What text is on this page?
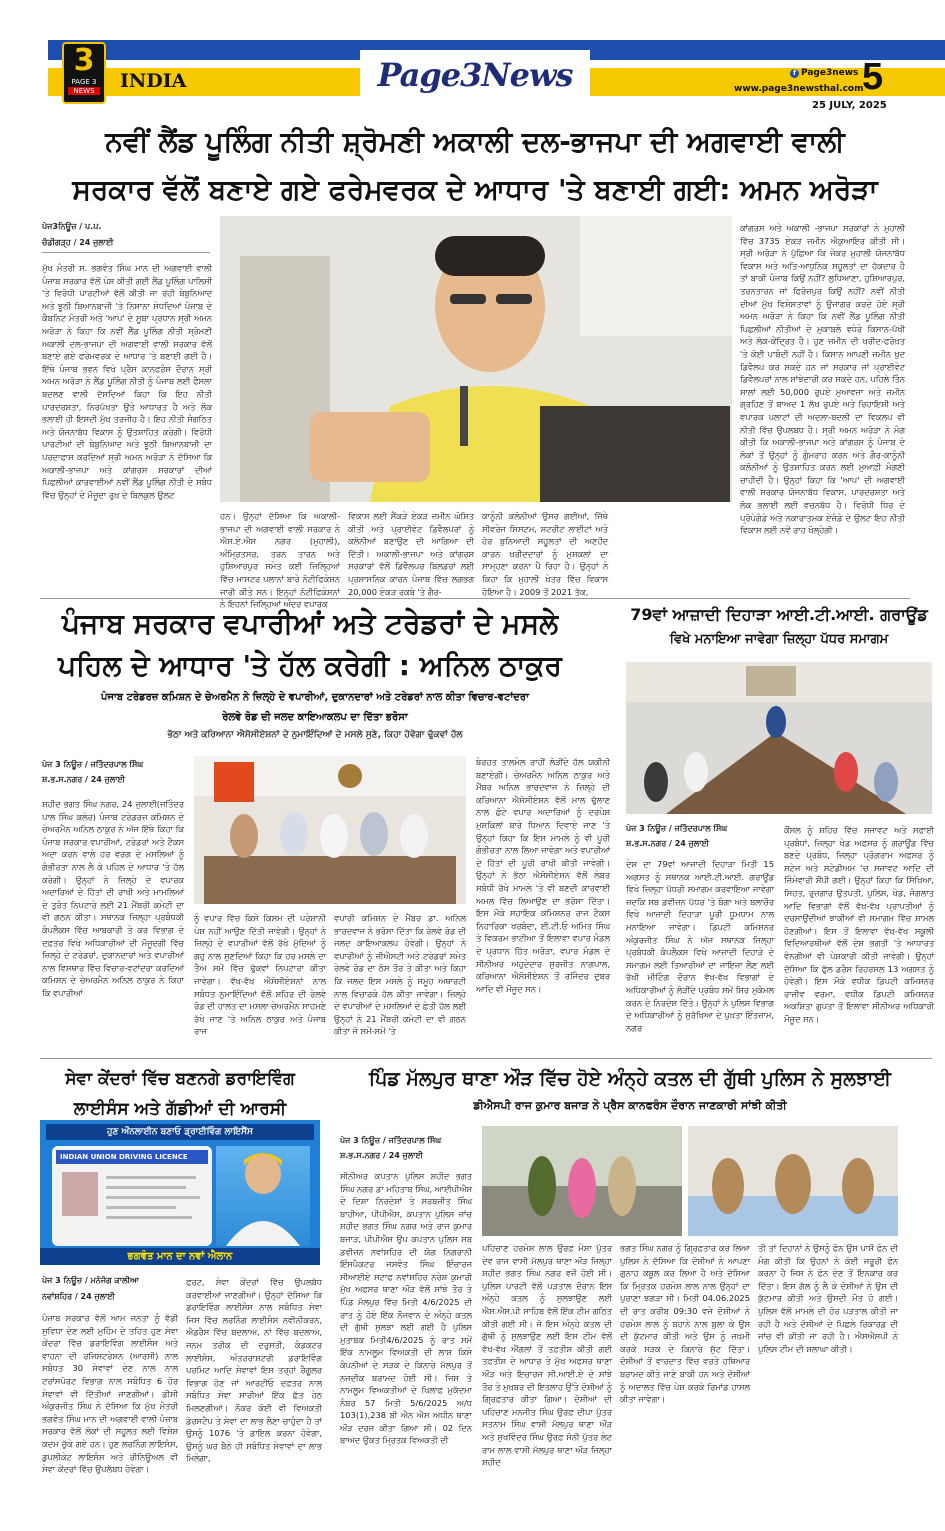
3
PAGE 3
NEWS INDIA	Page3News	f Page3news
www.page3newsthal.com
5
25 JULY, 2025
ਨਵੀਂ ਲੈਂਡ ਪੂਲਿੰਗ ਨੀਤੀ ਸ਼੍ਰੋਮਣੀ ਅਕਾਲੀ ਦਲ-ਭਾਜਪਾ ਦੀ ਅਗਵਾਈ ਵਾਲੀ
ਸਰਕਾਰ ਵੱਲੋਂ ਬਣਾਏ ਗਏ ਫਰੇਮਵਰਕ ਦੇ ਆਧਾਰ 'ਤੇ ਬਣਾਈ ਗਈ: ਅਮਨ ਅਰੋੜਾ
ਪੇਜ3ਨਿਊਜ਼ / ਪ.ਪ.
ਚੰਡੀਗੜ੍ਹ / 24 ਜੁਲਾਈ
ਮੁੱਖ ਮੰਤਰੀ ਸ. ਭਗਵੰਤ ਸਿੰਘ ਮਾਨ ਦੀ ਅਗਵਾਈ ਵਾਲੀ ਪੰਜਾਬ ਸਰਕਾਰ ਵੱਲੋਂ ਪੇਸ਼ ਕੀਤੀ ਗਈ ਲੈਂਡ ਪੂਲਿੰਗ ਪਾਲਿਸੀ 'ਤੇ ਵਿਰੋਧੀ ਪਾਰਟੀਆਂ ਵੱਲੋਂ ਕੀਤੀ ਜਾ ਰਹੀ ਬੇਬੁਨਿਆਦ ਅਤੇ ਝੂਠੀ ਬਿਆਨਬਾਜ਼ੀ 'ਤੇ ਨਿਸ਼ਾਨਾ ਸੇਧਦਿਆਂ ਪੰਜਾਬ ਦੇ ਕੈਬਨਿਟ ਮੰਤਰੀ ਅਤੇ 'ਆਪ' ਦੇ ਸੂਬਾ ਪ੍ਰਧਾਨ ਸ੍ਰੀ ਅਮਨ ਅਰੋੜਾ ਨੇ ਕਿਹਾ ਕਿ ਨਵੀਂ ਲੈਂਡ ਪੂਲਿੰਗ ਨੀਤੀ ਸ਼੍ਰੋਮਣੀ ਅਕਾਲੀ ਦਲ-ਭਾਜਪਾ ਦੀ ਅਗਵਾਈ ਵਾਲੀ ਸਰਕਾਰ ਵੱਲੋਂ ਬਣਾਏ ਗਏ ਫਰੇਮਵਰਕ ਦੇ ਆਧਾਰ 'ਤੇ ਬਣਾਈ ਗਈ ਹੈ। ਇੱਥੇ ਪੰਜਾਬ ਭਵਨ ਵਿਖੇ ਪ੍ਰੈਸ ਕਾਨਫਰੰਸ ਦੌਰਾਨ ਸ੍ਰੀ ਅਮਨ ਅਰੋੜਾ ਨੇ ਲੈਂਡ ਪੂਲਿੰਗ ਨੀਤੀ ਨੂੰ ਪੰਜਾਬ ਲਈ ਫੈਸਲਾ ਬਦਲਣ ਵਾਲੀ ਦੱਸਦਿਆਂ ਕਿਹਾ ਕਿ ਇਹ ਨੀਤੀ ਪਾਰਦਰਸ਼ਤਾ, ਨਿਰਪੱਖਤਾ ਉਤੇ ਆਧਾਰਤ ਹੈ ਅਤੇ ਲੋਕ ਭਲਾਈ ਹੀ ਇਸਦੀ ਮੁੱਖ ਤਰਜੀਹ ਹੈ। ਇਹ ਨੀਤੀ ਸੰਗਠਿਤ ਅਤੇ ਯੋਜਨਾਬੱਧ ਵਿਕਾਸ ਨੂੰ ਉਤਸ਼ਾਹਿਤ ਕਰੇਗੀ। ਵਿਰੋਧੀ ਪਾਰਟੀਆਂ ਦੀ ਬੇਬੁਨਿਆਦ ਅਤੇ ਝੂਠੀ ਬਿਆਨਬਾਜ਼ੀ ਦਾ ਪਰਦਾਫਾਸ਼ ਕਰਦਿਆਂ ਸ੍ਰੀ ਅਮਨ ਅਰੋੜਾ ਨੇ ਦੱਸਿਆ ਕਿ ਅਕਾਲੀ-ਭਾਜਪਾ ਅਤੇ ਕਾਂਗਰਸ ਸਰਕਾਰਾਂ ਦੀਆਂ ਪਿਛਲੀਆਂ ਕਾਰਵਾਈਆਂ ਨਵੀਂ ਲੈਂਡ ਪੂਲਿੰਗ ਨੀਤੀ ਦੇ ਸਬੰਧ ਵਿੱਚ ਉਨ੍ਹਾਂ ਦੇ ਮੌਜੂਦਾ ਰੁਖ਼ ਦੇ ਬਿਲਕੁਲ ਉਲਟ
ਹਨ। ਉਨ੍ਹਾਂ ਦੱਸਿਆ ਕਿ ਅਕਾਲੀ-ਭਾਜਪਾ ਦੀ ਅਗਵਾਈ ਵਾਲੀ ਸਰਕਾਰ ਨੇ ਐਸ.ਏ.ਐਸ ਨਗਰ (ਮੁਹਾਲੀ), ਅੰਮ੍ਰਿਤਸਰ, ਤਰਨ ਤਾਰਨ ਅਤੇ ਹੁਸ਼ਿਆਰਪੁਰ ਸਮੇਤ ਕਈ ਜ਼ਿਲ੍ਹਿਆਂ ਵਿੱਚ ਮਾਸਟਰ ਪਲਾਨਾਂ ਬਾਰੇ ਨੋਟੀਫਿਕੇਸ਼ਨ ਜਾਰੀ ਕੀਤੇ ਸਨ। ਇਨ੍ਹਾਂ ਨੋਟੀਫਿਕੇਸ਼ਨਾਂ ਨੇ ਇਹਨਾਂ ਜ਼ਿਲ੍ਹਿਆਂ ਅੰਦਰ ਵਪਾਰਕ
ਵਿਕਾਸ ਲਈ ਸੈਂਕੜੇ ਏਕੜ ਜ਼ਮੀਨ ਘੋਸ਼ਿਤ ਕੀਤੀ ਅਤੇ ਪ੍ਰਾਈਵੇਟ ਡਿਵੈਲਪਰਾਂ ਨੂੰ ਕਲੋਨੀਆਂ ਬਣਾਉਣ ਦੀ ਆਗਿਆ ਦੀ ਦਿੱਤੀ। ਅਕਾਲੀ-ਭਾਜਪਾ ਅਤੇ ਕਾਂਗਰਸ ਸਰਕਾਰਾਂ ਵੱਲੋਂ ਡਿਵੈਲਪਰ ਬਿਲਡਰਾਂ ਲਈ ਪ੍ਰਸ਼ਾਸਨਿਕ ਕਾਰਨ ਪੰਜਾਬ ਵਿੱਚ ਲਗਭਗ 20,000 ਏਕੜ ਰਕਬੇ 'ਤੇ ਗੈਰ-
ਕਾਨੂੰਨੀ ਕਲੋਨੀਆਂ ਉਸਰ ਗਈਆਂ, ਜਿੱਥੇ ਸੀਵਰੇਜ ਸਿਸਟਮ, ਸਟਰੀਟ ਲਾਈਟਾਂ ਅਤੇ ਹੋਰ ਬੁਨਿਆਦੀ ਸਹੂਲਤਾਂ ਦੀ ਅਣਹੋਂਦ ਕਾਰਨ ਖਰੀਦਦਾਰਾਂ ਨੂੰ ਮੁਸ਼ਕਲਾਂ ਦਾ ਸਾਮ੍ਹਣਾ ਕਰਨਾ ਪੈ ਰਿਹਾ ਹੈ। ਉਨ੍ਹਾਂ ਨੇ ਕਿਹਾ ਕਿ ਮੁਹਾਲੀ ਖੇਤਰ ਵਿੱਚ ਵਿਕਾਸ ਹੋਇਆ ਹੈ। 2009 ਤੋਂ 2021 ਤੱਕ,
ਕਾਂਗਰਸ ਅਤੇ ਅਕਾਲੀ -ਭਾਜਪਾ ਸਰਕਾਰਾਂ ਨੇ ਮੁਹਾਲੀ ਵਿੱਚ 3735 ਏਕੜ ਜ਼ਮੀਨ ਐਕੁਆਇਰ ਕੀਤੀ ਸੀ। ਸ੍ਰੀ ਅਰੋੜਾ ਨੇ ਪੁੱਛਿਆ ਕਿ ਜੇਕਰ ਮੁਹਾਲੀ ਯੋਜਨਾਬੱਧ ਵਿਕਾਸ ਅਤੇ ਅਤਿ-ਆਧੁਨਿਕ ਸਹੂਲਤਾਂ ਦਾ ਹੱਕਦਾਰ ਹੈ ਤਾਂ ਬਾਕੀ ਪੰਜਾਬ ਕਿਉਂ ਨਹੀਂ? ਲੁਧਿਆਣਾ, ਹੁਸ਼ਿਆਰਪੁਰ, ਤਰਨਤਾਰਨ ਜਾਂ ਫਿਰੋਜ਼ਪੁਰ ਕਿਉਂ ਨਹੀਂ? ਨਵੀਂ ਨੀਤੀ ਦੀਆਂ ਮੁੱਖ ਵਿਸ਼ੇਸ਼ਤਾਵਾਂ ਨੂੰ ਉਜਾਗਰ ਕਰਦੇ ਹੋਏ ਸ੍ਰੀ ਅਮਨ ਅਰੋੜਾ ਨੇ ਕਿਹਾ ਕਿ ਨਵੀਂ ਲੈਂਡ ਪੂਲਿੰਗ ਨੀਤੀ ਪਿਛਲੀਆਂ ਨੀਤੀਆਂ ਦੇ ਮੁਕਾਬਲੇ ਵਧੇਰੇ ਕਿਸਾਨ-ਪੱਖੀ ਅਤੇ ਲੋਕ-ਕੇਂਦ੍ਰਿਤ ਹੈ। ਹੁਣ ਜ਼ਮੀਨ ਦੀ ਖਰੀਦ-ਫਰੋਖ਼ਤ 'ਤੇ ਕੋਈ ਪਾਬੰਦੀ ਨਹੀਂ ਹੈ। ਕਿਸਾਨ ਆਪਣੀ ਜ਼ਮੀਨ ਖੁਦ ਡਿਵੈਲਪ ਕਰ ਸਕਦੇ ਹਨ ਜਾਂ ਸਰਕਾਰ ਜਾਂ ਪ੍ਰਾਈਵੇਟ ਡਿਵੈਲਪਰਾਂ ਨਾਲ ਸਾਂਝੇਦਾਰੀ ਕਰ ਸਕਦੇ ਹਨ, ਪਹਿਲੇ ਤਿੰਨ ਸਾਲਾਂ ਲਈ 50,000 ਰੁਪਏ ਮੁਆਵਜ਼ਾ ਅਤੇ ਜ਼ਮੀਨ ਗ੍ਰਹਿਣ ਤੋਂ ਬਾਅਦ 1 ਲੱਖ ਰੁਪਏ ਅਤੇ ਰਿਹਾਇਸ਼ੀ ਅਤੇ ਵਪਾਰਕ ਪਲਾਟਾਂ ਦੀ ਅਦਲਾ-ਬਦਲੀ ਦਾ ਵਿਕਲਪ ਵੀ ਨੀਤੀ ਵਿੱਚ ਉਪਲਬਧ ਹੈ। ਸ੍ਰੀ ਅਮਨ ਅਰੋੜਾ ਨੇ ਮੰਗ ਕੀਤੀ ਕਿ ਅਕਾਲੀ-ਭਾਜਪਾ ਅਤੇ ਕਾਂਗਰਸ ਨੂੰ ਪੰਜਾਬ ਦੇ ਲੋਕਾਂ ਤੋਂ ਉਨ੍ਹਾਂ ਨੂੰ ਗੁੰਮਰਾਹ ਕਰਨ ਅਤੇ ਗੈਰ-ਕਾਨੂੰਨੀ ਕਲੋਨੀਆਂ ਨੂੰ ਉਤਸ਼ਾਹਿਤ ਕਰਨ ਲਈ ਮੁਆਫ਼ੀ ਮੰਗਣੀ ਚਾਹੀਦੀ ਹੈ। ਉਨ੍ਹਾਂ ਕਿਹਾ ਕਿ 'ਆਪ' ਦੀ ਅਗਵਾਈ ਵਾਲੀ ਸਰਕਾਰ ਯੋਜਨਾਬੱਧ ਵਿਕਾਸ, ਪਾਰਦਰਸ਼ਤਾ ਅਤੇ ਲੋਕ ਭਲਾਈ ਲਈ ਵਚਨਬੱਧ ਹੈ। ਵਿਰੋਧੀ ਧਿਰ ਦੇ ਪ੍ਰੋਪੇਗੰਡੇ ਅਤੇ ਨਕਾਰਾਤਮਕ ਏਜੰਡੇ ਦੇ ਉਲਟ ਇਹ ਨੀਤੀ ਵਿਕਾਸ ਲਈ ਨਵੇਂ ਰਾਹ ਖੋਲ੍ਹੇਗੀ।
ਪੰਜਾਬ ਸਰਕਾਰ ਵਪਾਰੀਆਂ ਅਤੇ ਟਰੇਡਰਾਂ ਦੇ ਮਸਲੇ
ਪਹਿਲ ਦੇ ਆਧਾਰ 'ਤੇ ਹੱਲ ਕਰੇਗੀ : ਅਨਿਲ ਠਾਕੁਰ
ਪੰਜਾਬ ਟਰੇਡਰਜ਼ ਕਮਿਸ਼ਨ ਦੇ ਚੇਅਰਮੈਨ ਨੇ ਜ਼ਿਲ੍ਹੇ ਦੇ ਵਪਾਰੀਆਂ, ਦੁਕਾਨਦਾਰਾਂ ਅਤੇ ਟਰੇਡਰਾਂ ਨਾਲ ਕੀਤਾ ਵਿਚਾਰ-ਵਟਾਂਦਰਾ
ਰੇਲਵੇ ਰੋਡ ਦੀ ਜਲਦ ਕਾਇਆਕਲਪ ਦਾ ਦਿੱਤਾ ਭਰੋਸਾ
ਭੱਠਾ ਅਤੇ ਕਰਿਆਨਾ ਐਸੋਸੀਏਸ਼ਨਾਂ ਦੇ ਨੁਮਾਇੰਦਿਆਂ ਦੇ ਮਸਲੇ ਸੁਣੇ, ਕਿਹਾ ਹੋਵੇਗਾ ਢੁੱਕਵਾਂ ਹੱਲ
ਪੇਜ 3 ਨਿਊਜ਼ / ਜਤਿੰਦਰਪਾਲ ਸਿੰਘ
ਸ਼.ਭ.ਸ.ਨਗਰ / 24 ਜੁਲਾਈ
ਸ਼ਹੀਦ ਭਗਤ ਸਿੰਘ ਨਗਰ, 24 ਜੁਲਾਈ(ਜਤਿੰਦਰ ਪਾਲ ਸਿੰਘ ਕਲੇਰ) ਪੰਜਾਬ ਟਰੇਡਰਜ਼ ਕਮਿਸ਼ਨ ਦੇ ਚੇਅਰਮੈਨ ਅਨਿਲ ਠਾਕੁਰ ਨੇ ਅੱਜ ਇੱਥੇ ਕਿਹਾ ਕਿ ਪੰਜਾਬ ਸਰਕਾਰ ਵਪਾਰੀਆਂ, ਟਰੇਡਰਾਂ ਅਤੇ ਟੈਕਸ ਅਦਾ ਕਰਨ ਵਾਲੇ ਹਰ ਵਰਗ ਦੇ ਮਸਲਿਆਂ ਨੂੰ ਗੰਭੀਰਤਾ ਨਾਲ ਲੈ ਕੇ ਪਹਿਲ ਦੇ ਆਧਾਰ 'ਤੇ ਹੱਲ ਕਰੇਗੀ। ਉਨ੍ਹਾਂ ਨੇ ਜ਼ਿਲ੍ਹੇ ਦੇ ਵਪਾਰਕ ਅਦਾਰਿਆਂ ਦੇ ਹਿੱਤਾਂ ਦੀ ਰਾਖੀ ਅਤੇ ਮਾਮਲਿਆਂ ਦੇ ਤੁਰੰਤ ਨਿਪਟਾਰੇ ਲਈ 21 ਮੈਂਬਰੀ ਕਮੇਟੀ ਦਾ ਵੀ ਗਠਨ ਕੀਤਾ। ਸਥਾਨਕ ਜ਼ਿਲ੍ਹਾ ਪ੍ਰਬੰਧਕੀ ਕੰਪਲੈਕਸ ਵਿੱਚ ਆਬਕਾਰੀ ਤੇ ਕਰ ਵਿਭਾਗ ਦੇ ਦਫ਼ਤਰ ਵਿਖੇ ਅਧਿਕਾਰੀਆਂ ਦੀ ਮੌਜੂਦਗੀ ਵਿੱਚ ਜ਼ਿਲ੍ਹੇ ਦੇ ਟਰੇਡਰਾਂ, ਦੁਕਾਨਦਾਰਾਂ ਅਤੇ ਵਪਾਰੀਆਂ ਨਾਲ ਵਿਸਥਾਰ ਵਿੱਚ ਵਿਚਾਰ-ਵਟਾਂਦਰਾ ਕਰਦਿਆਂ ਕਮਿਸ਼ਨ ਦੇ ਚੇਅਰਮੈਨ ਅਨਿਲ ਠਾਕੁਰ ਨੇ ਕਿਹਾ ਕਿ ਵਪਾਰੀਆਂ
ਨੂੰ ਵਪਾਰ ਵਿੱਚ ਕਿਸੇ ਕਿਸਮ ਦੀ ਪਰੇਸ਼ਾਨੀ ਪੇਸ਼ ਨਹੀਂ ਆਉਣ ਦਿੱਤੀ ਜਾਵੇਗੀ। ਉਨ੍ਹਾਂ ਨੇ ਜ਼ਿਲ੍ਹੇ ਦੇ ਵਪਾਰੀਆਂ ਵੱਲੋਂ ਰੱਖੇ ਮੁੱਦਿਆਂ ਨੂੰ ਗਹੁ ਨਾਲ ਸੁਣਦਿਆਂ ਕਿਹਾ ਕਿ ਹਰ ਮਸਲੇ ਦਾ ਤੈਅ ਸਮੇਂ ਵਿੱਚ ਢੁੱਕਵਾਂ ਨਿਪਟਾਰਾ ਕੀਤਾ ਜਾਵੇਗਾ। ਵੱਖ-ਵੱਖ ਐਸੋਸੀਏਸ਼ਨਾਂ ਨਾਲ ਸਬੰਧਤ ਨੁਮਾਇੰਦਿਆਂ ਵੱਲੋਂ ਸ਼ਹਿਰ ਦੀ ਰੇਲਵੇ ਰੋਡ ਦੀ ਹਾਲਤ ਦਾ ਮਸਲਾ ਚੇਅਰਮੈਨ ਸਾਹਮਣੇ ਰੱਖੇ ਜਾਣ 'ਤੇ ਅਨਿਲ ਠਾਕੁਰ ਅਤੇ ਪੰਜਾਬ ਰਾਜ
ਵਪਾਰੀ ਕਮਿਸ਼ਨ ਦੇ ਮੈਂਬਰ ਡਾ. ਅਨਿਲ ਭਾਰਦਵਾਜ ਨੇ ਭਰੋਸਾ ਦਿੱਤਾ ਕਿ ਰੇਲਵੇ ਰੋਡ ਦੀ ਜਲਦ ਕਾਇਆਕਲਪ ਹੋਵੇਗੀ। ਉਨ੍ਹਾਂ ਨੇ ਵਪਾਰੀਆਂ ਨੂੰ ਜੀਐਸਟੀ ਅਤੇ ਟਰੇਡਰਾਂ ਸਮੇਤ ਰੇਲਵੇ ਰੋਡ ਦਾ ਠੋਸ ਤੌਰ ਤੇ ਕੀਤਾ ਅਤੇ ਕਿਹਾ ਕਿ ਜਲਦ ਇਸ ਮਸਲੇ ਨੂੰ ਸਮੂਹ ਅਥਾਰਟੀ ਨਾਲ ਵਿਚਾਰਕੇ ਹੱਲ ਕੀਤਾ ਜਾਵੇਗਾ। ਜ਼ਿਲ੍ਹੇ ਦੇ ਵਪਾਰੀਆਂ ਦੇ ਮਸਲਿਆਂ ਦੇ ਛੇਤੀ ਹੱਲ ਲਈ ਉਨ੍ਹਾਂ ਨੇ 21 ਮੈਂਬਰੀ ਕਮੇਟੀ ਦਾ ਵੀ ਗਠਨ ਕੀਤਾ ਜੋ ਸਮੇਂ-ਸਮੇਂ 'ਤੇ
ਬੇਰਹਤ ਤਾਲਮੇਲ ਰਾਹੀਂ ਲੋੜੀਂਦੇ ਹੱਲ ਯਕੀਨੀ ਬਣਾਏਗੀ। ਚੇਅਰਮੈਨ ਅਨਿਲ ਠਾਕੁਰ ਅਤੇ ਮੈਂਬਰ ਅਨਿਲ ਭਾਰਦਵਾਜ ਨੇ ਜ਼ਿਲ੍ਹੇ ਦੀ ਕਰਿਆਨਾ ਐਸੋਸੀਏਸ਼ਨ ਵੱਲੋਂ ਮਾਲ ਢੁੱਲਾਣ ਨਾਲ ਛੋਟੇ ਵਪਾਰ ਅਦਾਰਿਆਂ ਨੂੰ ਦਰਪੇਸ਼ ਮੁਸ਼ਕਿਲਾਂ ਬਾਰੇ ਧਿਆਨ ਦਿਵਾਏ ਜਾਣ 'ਤੇ ਉਨ੍ਹਾਂ ਕਿਹਾ ਕਿ ਇਸ ਮਾਮਲੇ ਨੂੰ ਵੀ ਪੂਰੀ ਗੰਭੀਰਤਾ ਨਾਲ ਲਿਆ ਜਾਵੇਗਾ ਅਤੇ ਵਪਾਰੀਆਂ ਦੇ ਹਿੱਤਾਂ ਦੀ ਪੂਰੀ ਰਾਖੀ ਕੀਤੀ ਜਾਵੇਗੀ। ਉਨ੍ਹਾਂ ਨੇ ਭੱਠਾ ਐਸੋਸੀਏਸ਼ਨ ਵੱਲੋਂ ਲੇਬਰ ਸਬੰਧੀ ਰੱਖੇ ਮਾਮਲੇ 'ਤੇ ਵੀ ਬਣਦੀ ਕਾਰਵਾਈ ਅਮਲ ਵਿੱਚ ਲਿਆਉਣ ਦਾ ਭਰੋਸਾ ਦਿੱਤਾ। ਇਸ ਮੌਕੇ ਸਹਾਇਕ ਕਮਿਸ਼ਨਰ ਰਾਜ ਟੈਕਸ ਨਿਹਾਰਿਕਾ ਖਰਬੰਦਾ, ਈ.ਟੀ.ਓ ਅਮਿਤ ਸਿੰਘ ਤੇ ਵਿਕਰਮ ਭਾਟੀਆ ਤੋਂ ਇਲਾਵਾ ਵਪਾਰ ਮੰਡਲ ਦੇ ਪ੍ਰਧਾਨ ਹਿੱਤ ਅਰੋੜਾ, ਵਪਾਰ ਮੰਡਲ ਦੇ ਸੀਨੀਅਰ ਅਹੁਦੇਦਾਰ ਸੁਰਜੀਤ ਨਾਗਪਾਲ, ਕਰਿਆਨਾ ਐਸੋਸੀਏਸ਼ਨ ਤੋਂ ਰਜਿੰਦਰ ਦੁਬਰ ਆਦਿ ਵੀ ਮੌਜੂਦ ਸਨ।
79ਵਾਂ ਆਜ਼ਾਦੀ ਦਿਹਾੜਾ ਆਈ.ਟੀ.ਆਈ. ਗਰਾਊਂਡ
ਵਿਖੇ ਮਨਾਇਆ ਜਾਵੇਗਾ ਜ਼ਿਲ੍ਹਾ ਪੱਧਰ ਸਮਾਗਮ
ਪੇਜ 3 ਨਿਊਜ਼ / ਜਤਿੰਦਰਪਾਲ ਸਿੰਘ
ਸ਼.ਭ.ਸ.ਨਗਰ / 24 ਜੁਲਾਈ
ਦੇਸ਼ ਦਾ 79ਵਾਂ ਆਜ਼ਾਦੀ ਦਿਹਾੜਾ ਮਿਤੀ 15 ਅਗਸਤ ਨੂੰ ਸਥਾਨਕ ਆਈ.ਟੀ.ਆਈ. ਗਰਾਊਂਡ ਵਿਖੇ ਜ਼ਿਲ੍ਹਾ ਪੱਧਰੀ ਸਮਾਗਮ ਕਰਵਾਇਆ ਜਾਵੇਗਾ ਜਦਕਿ ਸਬ ਡਵੀਜ਼ਨ ਪੱਧਰ 'ਤੇ ਬੰਗਾ ਅਤੇ ਬਲਾਚੌਰ ਵਿਖੇ ਆਜ਼ਾਦੀ ਦਿਹਾੜਾ ਪੂਰੀ ਧੂਮਧਾਮ ਨਾਲ ਮਨਾਇਆ ਜਾਵੇਗਾ। ਡਿਪਟੀ ਕਮਿਸ਼ਨਰ ਅੰਕੁਰਜੀਤ ਸਿੰਘ ਨੇ ਅੱਜ ਸਥਾਨਕ ਜ਼ਿਲ੍ਹਾ ਪ੍ਰਬੰਧਕੀ ਕੰਪਲੈਕਸ ਵਿਖੇ ਆਜ਼ਾਦੀ ਦਿਹਾੜੇ ਦੇ ਸਮਾਗਮ ਲਈ ਤਿਆਰੀਆਂ ਦਾ ਜਾਇਜ਼ਾ ਲੈਣ ਲਈ ਰੱਖੀ ਮੀਟਿੰਗ ਦੌਰਾਨ ਵੱਖ-ਵੱਖ ਵਿਭਾਗਾਂ ਦੇ ਅਧਿਕਾਰੀਆਂ ਨੂੰ ਲੋੜੀਂਦੇ ਪ੍ਰਬੰਧ ਸਮੇਂ ਸਿਰ ਮੁਕੰਮਲ ਕਰਨ ਦੇ ਨਿਰਦੇਸ਼ ਦਿੱਤੇ। ਉਨ੍ਹਾਂ ਨੇ ਪੁਲਿਸ ਵਿਭਾਗ ਦੇ ਅਧਿਕਾਰੀਆਂ ਨੂੰ ਸੁਰੱਖਿਆ ਦੇ ਪੁਖ਼ਤਾ ਇੰਤਜ਼ਾਮ, ਨਗਰ
ਕੌਂਸਲ ਨੂੰ ਸ਼ਹਿਰ ਵਿੱਚ ਸਜਾਵਟ ਅਤੇ ਸਫਾਈ ਪ੍ਰਬੰਧਾਂ, ਜ਼ਿਲ੍ਹਾ ਖੇਡ ਅਫਸਰ ਨੂੰ ਗਰਾਊਂਡ ਵਿੱਚ ਬਣਦੇ ਪ੍ਰਬੰਧ, ਜ਼ਿਲ੍ਹਾ ਪ੍ਰੋਗਰਾਮ ਅਫਸਰ ਨੂੰ ਸਟੇਜ ਅਤੇ ਸਟੇਡੀਅਮ 'ਚ ਸਜਾਵਟ ਆਦਿ ਦੀ ਜ਼ਿੰਮੇਵਾਰੀ ਸੌਂਪੀ ਗਈ। ਉਨ੍ਹਾਂ ਕਿਹਾ ਕਿ ਸਿੱਖਿਆ, ਸਿਹਤ, ਰੁਜ਼ਗਾਰ ਉਤਪਤੀ, ਪੁਲਿਸ, ਖੇਡ, ਜੰਗਲਾਤ ਆਦਿ ਵਿਭਾਗਾਂ ਵੱਲੋਂ ਵੱਖ-ਵੱਖ ਪ੍ਰਾਪਤੀਆਂ ਨੂੰ ਦਰਸਾਉਂਦੀਆਂ ਝਾਕੀਆਂ ਵੀ ਸਮਾਗਮ ਵਿੱਚ ਸ਼ਾਮਲ ਹੋਣਗੀਆਂ। ਇਸ ਤੋਂ ਇਲਾਵਾ ਵੱਖ-ਵੱਖ ਸਕੂਲੀ ਵਿਦਿਆਰਥੀਆਂ ਵੱਲੋਂ ਦੇਸ਼ ਭਗਤੀ 'ਤੇ ਆਧਾਰਤ ਵੰਨਗੀਆਂ ਵੀ ਪੇਸ਼ਕਾਰੀ ਕੀਤੀ ਜਾਵੇਗੀ। ਉਨ੍ਹਾਂ ਦੱਸਿਆ ਕਿ ਫੁੱਲ ਡਰੈਸ ਰਿਹਰਸਲ 13 ਅਗਸਤ ਨੂੰ ਹੋਵੇਗੀ। ਇਸ ਮੌਕੇ ਵਧੀਕ ਡਿਪਟੀ ਕਮਿਸ਼ਨਰ ਰਾਜੀਵ ਵਰਮਾ, ਵਧੀਕ ਡਿਪਟੀ ਕਮਿਸ਼ਨਰ ਅਕਸ਼ਿਤਾ ਗੁਪਤਾ ਤੋਂ ਇਲਾਵਾ ਸੀਨੀਅਰ ਅਧਿਕਾਰੀ ਮੌਜੂਦ ਸਨ।
ਸੇਵਾ ਕੇਂਦਰਾਂ ਵਿੱਚ ਬਣਨਗੇ ਡਰਾਇਵਿੰਗ
ਲਾਈਸੰਸ ਅਤੇ ਗੱਡੀਆਂ ਦੀ ਆਰਸੀ
ਹੁਣ ਔਨਲਾਈਨ ਬਣਾਓ ਡ੍ਰਾਈਵਿੰਗ ਲਾਇਸੈਂਸ
INDIAN UNION DRIVING LICENCE
ਭਗਵੰਤ ਮਾਨ ਦਾ ਨਵਾਂ ਐਲਾਨ
ਪੇਜ 3 ਨਿਊਜ਼ / ਮਨੋਜੰਗ ਕਾਲੀਆ
ਨਵਾਂਸ਼ਹਿਰ / 24 ਜੁਲਾਈ
ਪੰਜਾਬ ਸਰਕਾਰ ਵੱਲੋਂ ਆਮ ਜਨਤਾ ਨੂੰ ਵੱਡੀ ਸੁਵਿਧਾ ਦੇਣ ਲਈ ਮੁਹਿੰਮ ਦੇ ਤਹਿਤ ਹੁਣ ਸੇਵਾ ਕੇਂਦਰਾ ਵਿੱਚ ਡਰਾਇਵਿੰਗ ਲਾਈਸੰਸ ਅਤੇ ਵਾਹਨਾ ਦੀ ਰਜਿਸਟਰੇਸ਼ਨ (ਆਰਸੀ) ਨਾਲ ਸਬੰਧਤ 30 ਸੇਵਾਵਾਂ ਦੇਣ ਨਾਲ ਨਾਲ ਟਰਾਂਸਪੋਰਟ ਵਿਭਾਗ ਨਾਲ ਸਬੰਧਿਤ 6 ਹੋਰ ਸੇਵਾਵਾਂ ਵੀ ਦਿੱਤੀਆਂ ਜਾਣਗੀਆਂ। ਡੀਸੀ ਅੰਕੁਰਜੀਤ ਸਿੰਘ ਨੇ ਦੱਸਿਆ ਕਿ ਮੁੱਖ ਮੰਤਰੀ ਭਗਵੰਤ ਸਿੰਘ ਮਾਨ ਦੀ ਅਗਵਾਈ ਵਾਲੀ ਪੰਜਾਬ ਸਰਕਾਰ ਵੱਲੋਂ ਲੋਕਾਂ ਦੀ ਸਹੂਲਤ ਲਈ ਵਿਸ਼ੇਸ਼ ਕਦਮ ਚੁੱਕੇ ਗਏ ਹਨ। ਹੁਣ ਲਰਨਿੰਗ ਲਾਇਸੰਸ, ਡੁਪਲੀਕੇਟ ਲਾਇਸੰਸ ਅਤੇ ਰੀਨਿਊਅਲ ਵੀ ਸੇਵਾ ਕੇਂਦਰਾਂ ਵਿੱਚ ਉਪਲੱਬਧ ਹੋਵੇਗਾ।
ਫਰਟ, ਸੇਵਾ ਕੇਂਦਰਾਂ ਵਿੱਚ ਉਪਲਬੱਧ ਕਰਵਾਈਆਂ ਜਾਣਗੀਆਂ। ਉਨ੍ਹਾਂ ਦੱਸਿਆ ਕਿ ਡਰਾਇਵਿੰਗ ਲਾਈਸੰਸ ਨਾਲ ਸਬੰਧਿਤ ਸੇਵਾ ਜਿਸ ਵਿੱਚ ਲਰਨਿੰਗ ਲਾਈਸੰਸ ਨਵੀਨੀਕਰਨ, ਐਡਰੈਸ ਵਿੱਚ ਬਦਲਾਅ, ਨਾਂ ਵਿੱਚ ਬਦਲਾਅ, ਜਨਮ ਤਰੀਕ ਦੀ ਦਰੁਸਤੀ, ਕੰਡਕਟਰ ਲਾਈਸੰਸ, ਅੰਤਰਰਾਸ਼ਟਰੀ ਡਰਾਇਵਿੰਗ ਪਰਮਿਟ ਆਦਿ ਸੇਵਾਵਾਂ ਇਸ ਤਰ੍ਹਾਂ ਰੈਗੂਲਰ ਵਿਭਾਗ ਹੋਣ ਜਾਂ ਆਰਟੀਓ ਦਫ਼ਤਰ ਨਾਲ ਸਬੰਧਿਤ ਸੇਵਾ ਸਾਰੀਆਂ ਇੱਕ ਛੱਤ ਹੇਠ ਮਿਲਣਗੀਆਂ। ਨੌਕਰ ਕੋਈ ਵੀ ਵਿਅਕਤੀ ਡੋਰਸਟੈਪ ਤੇ ਸੇਵਾ ਦਾ ਲਾਭ ਲੈਣਾ ਚਾਹੁੰਦਾ ਹੈ ਤਾਂ ਉਸਨੂੰ 1076 'ਤੇ ਡਾਇਲ ਕਰਨਾ ਹੋਵੇਗਾ, ਉਸਨੂੰ ਘਰ ਬੈਠੇ ਹੀ ਸਬੰਧਿਤ ਸੇਵਾਵਾਂ ਦਾ ਲਾਭ ਮਿਲੇਗਾ,
ਪਿੰਡ ਮੱਲਪੁਰ ਥਾਣਾ ਔੜ ਵਿੱਚ ਹੋਏ ਅੰਨ੍ਹੇ ਕਤਲ ਦੀ ਗੁੱਥੀ ਪੁਲਿਸ ਨੇ ਸੁਲਝਾਈ
ਡੀਐਸਪੀ ਰਾਜ ਕੁਮਾਰ ਬਜਾੜ ਨੇ ਪ੍ਰੈਸ ਕਾਨਫਰੰਸ ਦੌਰਾਨ ਜਾਣਕਾਰੀ ਸਾਂਝੀ ਕੀਤੀ
ਪੇਜ 3 ਨਿਊਜ਼ / ਜਤਿੰਦਰਪਾਲ ਸਿੰਘ
ਸ਼.ਭ.ਸ.ਨਗਰ / 24 ਜੁਲਾਈ
ਸੀਨੀਅਰ ਕਪਤਾਨ ਪੁਲਿਸ ਸ਼ਹੀਦ ਭਗਤ ਸਿੰਘ ਨਗਰ ਡਾ ਮਹਿਤਾਬ ਸਿੰਘ, ਆਈਪੀਐਸ ਦੇ ਦਿਸ਼ਾ ਨਿਰਦੇਸ਼ਾਂ ਤੇ ਸਰਬਜੀਤ ਸਿੰਘ ਬਾਹੀਆ, ਪੀਪੀਐਸ, ਕਪਤਾਨ ਪੁਲਿਸ ਜਾਂਚ ਸ਼ਹੀਦ ਭਗਤ ਸਿੰਘ ਨਗਰ ਅਤੇ ਰਾਜ ਕੁਮਾਰ ਬਜਾੜ, ਪੀਪੀਐਸ ਉਪ ਕਪਤਾਨ ਪੁਲਿਸ ਸਬ ਡਵੀਜ਼ਨ ਨਵਾਂਸ਼ਹਿਰ ਦੀ ਯੋਗ ਨਿਗਰਾਨੀ ਇੰਸਪੈਕਟਰ ਜਸਵੰਤ ਸਿੰਘ ਇੰਚਾਰਜ ਸੀਆਈਏ ਸਟਾਫ ਨਵਾਂਸ਼ਹਿਰ ਨਰੇਸ਼ ਕੁਮਾਰੀ ਮੁੱਖ ਅਫਸਰ ਥਾਣਾ ਔੜ ਵੱਲੋਂ ਸਾਂਝੇ ਤੌਰ ਤੇ ਪਿੰਡ ਮੱਲਪੁਰ ਵਿੱਚ ਮਿਤੀ 4/6/2025 ਦੀ ਰਾਤ ਨੂੰ ਹੋਏ ਇੱਕ ਨੌਜਵਾਨ ਦੇ ਅੰਨ੍ਹੇ ਕਤਲ ਦੀ ਗੁੱਥੀ ਸੁਲਝਾ ਲਈ ਗਈ ਹੈ ਪੁਲਿਸ ਮੁਤਾਬਕ ਮਿਤੀ4/6/2025 ਨੂੰ ਰਾਤ ਸਮੇਂ ਇੱਕ ਨਾਮਲੂਮ ਵਿਅਕਤੀ ਦੀ ਲਾਸ਼ ਕਿਸੇ ਕੰਪਨੀਆਂ ਦੇ ਸੜਕ ਦੇ ਕਿਨਾਰੇ ਮੱਲਪੁਰ ਤੋਂ ਨਜ਼ਦੀਕ ਬਰਾਮਦ ਹੋਈ ਸੀ। ਜਿਸ ਤੇ ਨਾਮਲੂਮ ਵਿਅਕਤੀਆਂ ਦੇ ਖਿਲਾਫ ਮੁਕੱਦਮਾ ਨੰਬਰ 57 ਮਿਤੀ 5/6/2025 ਅ/ਧ 103(1),238 ਬੀ ਐਨ ਐਸ ਅਧੀਨ ਥਾਣਾ ਔੜ ਦਰਜ ਕੀਤਾ ਗਿਆ ਸੀ। 02 ਦਿਨ ਬਾਅਦ ਉਕਤ ਮ੍ਰਿਤਕ ਵਿਅਕਤੀ ਦੀ
ਪਹਿਚਾਣ ਹਰਮੇਸ਼ ਲਾਲ ਉਰਫ਼ ਮੇਸ਼ਾ ਪੁੱਤਰ ਦੇਵ ਰਾਜ ਵਾਸੀ ਮੱਲਪੁਰ ਥਾਣਾ ਔੜ ਜ਼ਿਲ੍ਹਾ ਸ਼ਹੀਦ ਭਗਤ ਸਿੰਘ ਨਗਰ ਵਜੋਂ ਹੋਈ ਸੀ। ਪੁਲਿਸ ਪਾਰਟੀ ਵੱਲੋਂ ਪੜਤਾਲ ਦੌਰਾਨ ਇਸ ਅੰਨ੍ਹੇ ਕਤਲ ਨੂੰ ਸੁਲਝਾਉਣ ਲਈ ਐਸ.ਐਸ.ਪੀ ਸਾਹਿਬ ਵੱਲੋਂ ਇੱਕ ਟੀਮ ਗਠਿਤ ਕੀਤੀ ਗਈ ਸੀ। ਜੋ ਇਸ ਅੰਨ੍ਹੇ ਕਤਲ ਦੀ ਗੁੱਥੀ ਨੂੰ ਸੁਲਝਾਉਣ ਲਈ ਇਸ ਟੀਮ ਵੱਲੋਂ ਵੱਖ-ਵੱਖ ਐਂਗਲਾਂ ਤੋਂ ਤਫ਼ਤੀਸ਼ ਕੀਤੀ ਗਈ ਤਫ਼ਤੀਸ਼ ਦੇ ਆਧਾਰ ਤੇ ਮੁੱਖ ਅਫਸਰ ਥਾਣਾ ਔੜ ਅਤੇ ਇਚਾਰਜ ਸੀ.ਆਈ.ਏ ਦੇ ਸਾਂਝੇ ਤੌਰ ਤੇ ਮੁਖ਼ਬਰ ਦੀ ਇਤਲਾਹ ਉੱਤੇ ਦੋਸ਼ੀਆਂ ਨੂੰ ਗ੍ਰਿਫ਼ਤਾਰ ਕੀਤਾ ਗਿਆ। ਦੋਸ਼ੀਆਂ ਦੀ ਪਹਿਚਾਣ ਮਨਜੀਤ ਸਿੰਘ ਉਰਫ਼ ਦੀਪਾ ਪੁੱਤਰ ਸਤਨਾਮ ਸਿੰਘ ਵਾਸੀ ਮੱਲਪੁਰ ਥਾਣਾ ਔੜ ਅਤੇ ਸੁਖਵਿੰਦਰ ਸਿੰਘ ਉਰਫ਼ ਸੋਨੀ ਪੁੱਤਰ ਲੇਟ ਰਾਮ ਲਾਲ ਵਾਸੀ ਮੱਲਪੁਰ ਥਾਣਾ ਔੜ ਜ਼ਿਲ੍ਹਾ ਸ਼ਹੀਦ
ਭਗਤ ਸਿੰਘ ਨਗਰ ਨੂੰ ਗ੍ਰਿਫ਼ਤਾਰ ਕਰ ਲਿਆ ਪੁਲਿਸ ਨੇ ਦੱਸਿਆ ਕਿ ਦੋਸ਼ੀਆਂ ਨੇ ਆਪਣਾ ਗੁਨਾਹ ਕਬੂਲ ਕਰ ਲਿਆ ਹੈ ਅਤੇ ਦੱਸਿਆ ਕਿ ਮ੍ਰਿਤਕ ਹਰਮੇਸ਼ ਲਾਲ ਨਾਲ ਉਨ੍ਹਾਂ ਦਾ ਪੁਰਾਣਾ ਝਗੜਾ ਸੀ। ਮਿਤੀ 04.06.2025 ਦੀ ਰਾਤ ਕਰੀਬ 09:30 ਵਜੇ ਦੋਸ਼ੀਆਂ ਨੇ ਹਰਮੇਸ਼ ਲਾਲ ਨੂੰ ਬਹਾਨੇ ਨਾਲ ਬੁਲਾ ਕੇ ਉਸ ਦੀ ਕੁੱਟਮਾਰ ਕੀਤੀ ਅਤੇ ਉਸ ਨੂੰ ਜ਼ਖ਼ਮੀ ਕਰਕੇ ਸੜਕ ਦੇ ਕਿਨਾਰੇ ਸੁੱਟ ਦਿੱਤਾ। ਦੋਸ਼ੀਆਂ ਤੋਂ ਵਾਰਦਾਤ ਵਿੱਚ ਵਰਤੇ ਹਥਿਆਰ ਬਰਾਮਦ ਕੀਤੇ ਜਾਣੇ ਬਾਕੀ ਹਨ ਅਤੇ ਦੋਸ਼ੀਆਂ ਨੂੰ ਅਦਾਲਤ ਵਿੱਚ ਪੇਸ਼ ਕਰਕੇ ਰਿਮਾਂਡ ਹਾਸਲ ਕੀਤਾ ਜਾਵੇਗਾ।
ਤੀ ਤਾਂ ਦਿਹਾਨਾਂ ਨੇ ਉਸਨੂੰ ਫੋਨ ਉਸ ਪਾਸੋਂ ਫੋਨ ਦੀ ਮੰਗ ਕੀਤੀ ਕਿ ਉਹਨਾਂ ਨੇ ਕੋਈ ਜਰੂਰੀ ਫੋਨ ਕਰਨਾ ਹੈ ਜਿਸ ਨੇ ਫੋਨ ਦੇਣ ਤੋਂ ਇਨਕਾਰ ਕਰ ਦਿੱਤਾ। ਇਸ ਗੱਲ ਨੂੰ ਲੈ ਕੇ ਦੋਸ਼ੀਆਂ ਨੇ ਉਸ ਦੀ ਕੁੱਟਮਾਰ ਕੀਤੀ ਅਤੇ ਉਸਦੀ ਮੌਤ ਹੋ ਗਈ। ਪੁਲਿਸ ਵੱਲੋਂ ਮਾਮਲੇ ਦੀ ਹੋਰ ਪੜਤਾਲ ਕੀਤੀ ਜਾ ਰਹੀ ਹੈ ਅਤੇ ਦੋਸ਼ੀਆਂ ਦੇ ਪਿਛਲੇ ਰਿਕਾਰਡ ਦੀ ਜਾਂਚ ਵੀ ਕੀਤੀ ਜਾ ਰਹੀ ਹੈ। ਐਸਐਸਪੀ ਨੇ ਪੁਲਿਸ ਟੀਮ ਦੀ ਸ਼ਲਾਘਾ ਕੀਤੀ।
